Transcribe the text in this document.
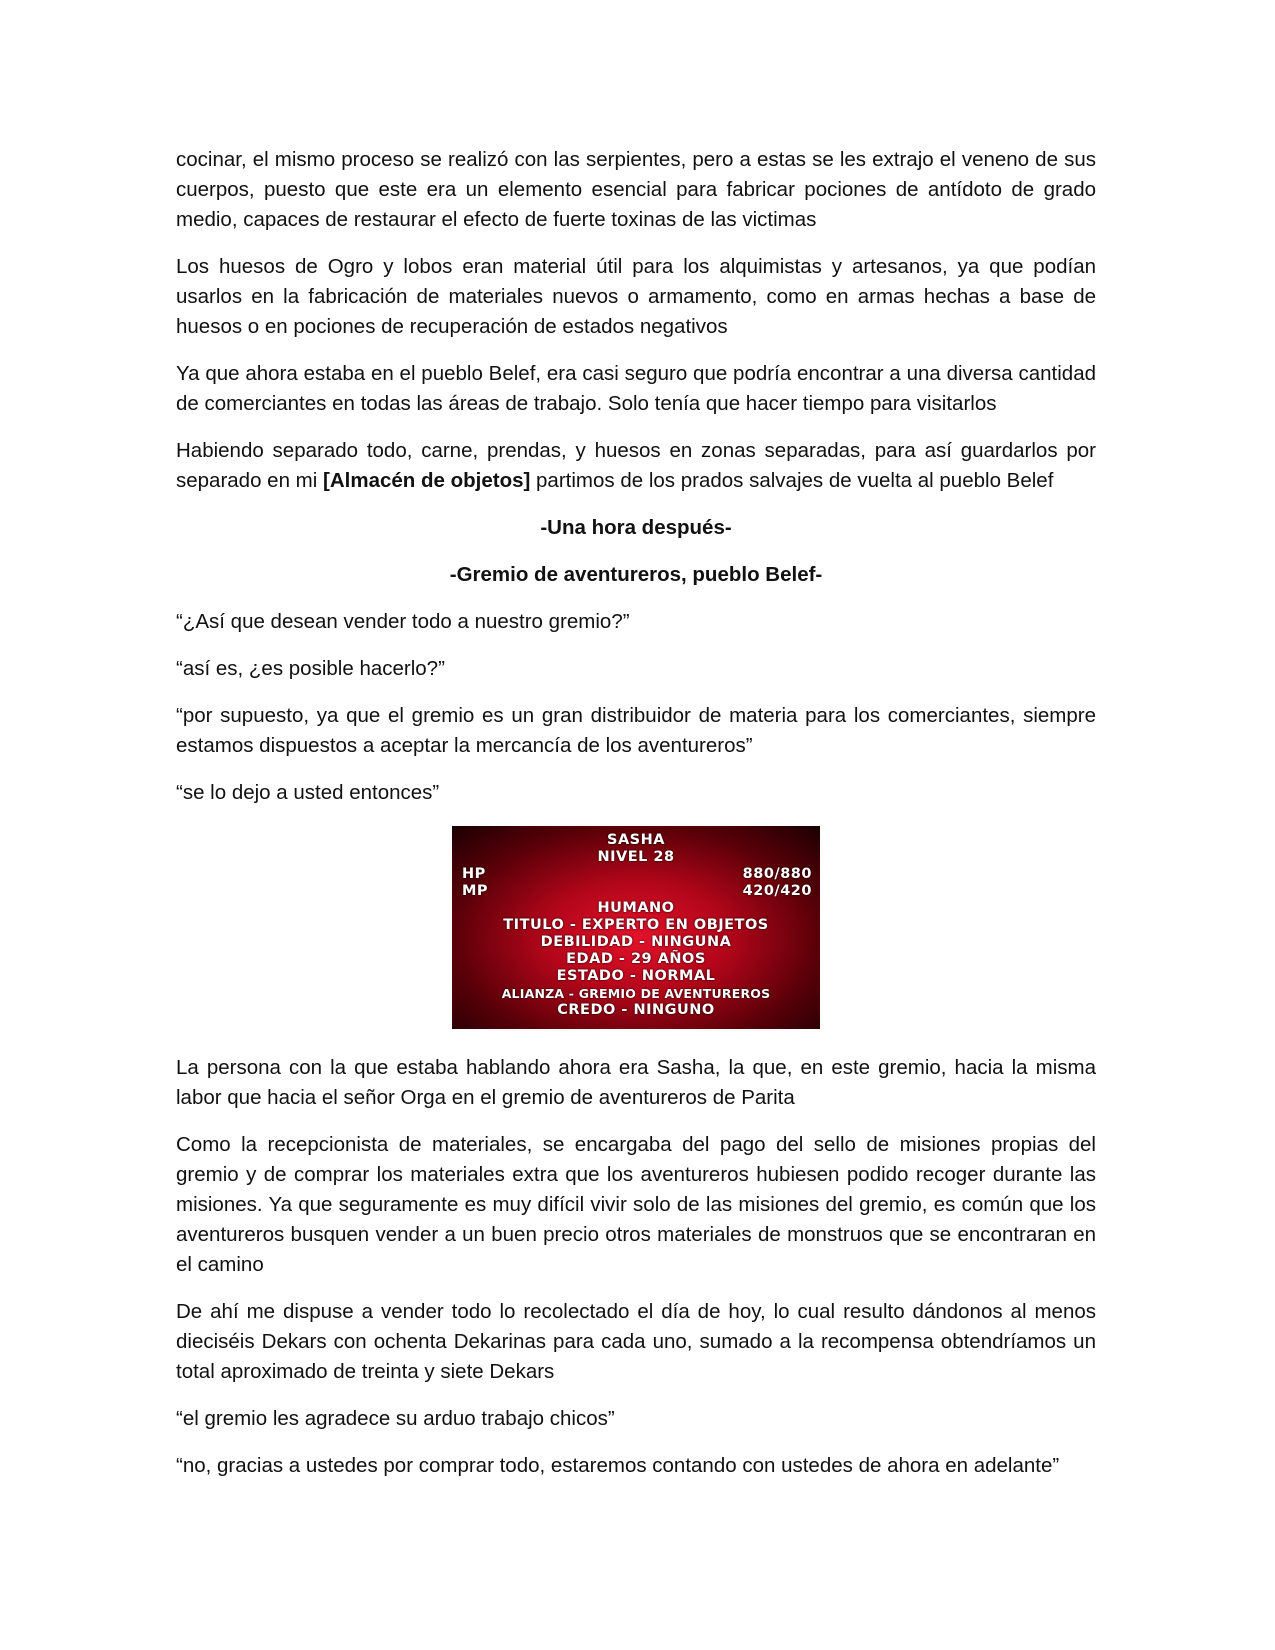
cocinar, el mismo proceso se realizó con las serpientes, pero a estas se les extrajo el veneno de sus cuerpos, puesto que este era un elemento esencial para fabricar pociones de antídoto de grado medio, capaces de restaurar el efecto de fuerte toxinas de las victimas

Los huesos de Ogro y lobos eran material útil para los alquimistas y artesanos, ya que podían usarlos en la fabricación de materiales nuevos o armamento, como en armas hechas a base de huesos o en pociones de recuperación de estados negativos

Ya que ahora estaba en el pueblo Belef, era casi seguro que podría encontrar a una diversa cantidad de comerciantes en todas las áreas de trabajo. Solo tenía que hacer tiempo para visitarlos

Habiendo separado todo, carne, prendas, y huesos en zonas separadas, para así guardarlos por separado en mi [Almacén de objetos] partimos de los prados salvajes de vuelta al pueblo Belef

-Una hora después-

-Gremio de aventureros, pueblo Belef-

“¿Así que desean vender todo a nuestro gremio?”

“así es, ¿es posible hacerlo?”

“por supuesto, ya que el gremio es un gran distribuidor de materia para los comerciantes, siempre estamos dispuestos a aceptar la mercancía de los aventureros”

“se lo dejo a usted entonces”

SASHA
NIVEL 28
HP	880/880
MP	420/420
HUMANO
TITULO - EXPERTO EN OBJETOS
DEBILIDAD - NINGUNA
EDAD - 29 AÑOS
ESTADO - NORMAL
ALIANZA - GREMIO DE AVENTUREROS
CREDO - NINGUNO

La persona con la que estaba hablando ahora era Sasha, la que, en este gremio, hacia la misma labor que hacia el señor Orga en el gremio de aventureros de Parita

Como la recepcionista de materiales, se encargaba del pago del sello de misiones propias del gremio y de comprar los materiales extra que los aventureros hubiesen podido recoger durante las misiones. Ya que seguramente es muy difícil vivir solo de las misiones del gremio, es común que los aventureros busquen vender a un buen precio otros materiales de monstruos que se encontraran en el camino

De ahí me dispuse a vender todo lo recolectado el día de hoy, lo cual resulto dándonos al menos dieciséis Dekars con ochenta Dekarinas para cada uno, sumado a la recompensa obtendríamos un total aproximado de treinta y siete Dekars

“el gremio les agradece su arduo trabajo chicos”

“no, gracias a ustedes por comprar todo, estaremos contando con ustedes de ahora en adelante”
